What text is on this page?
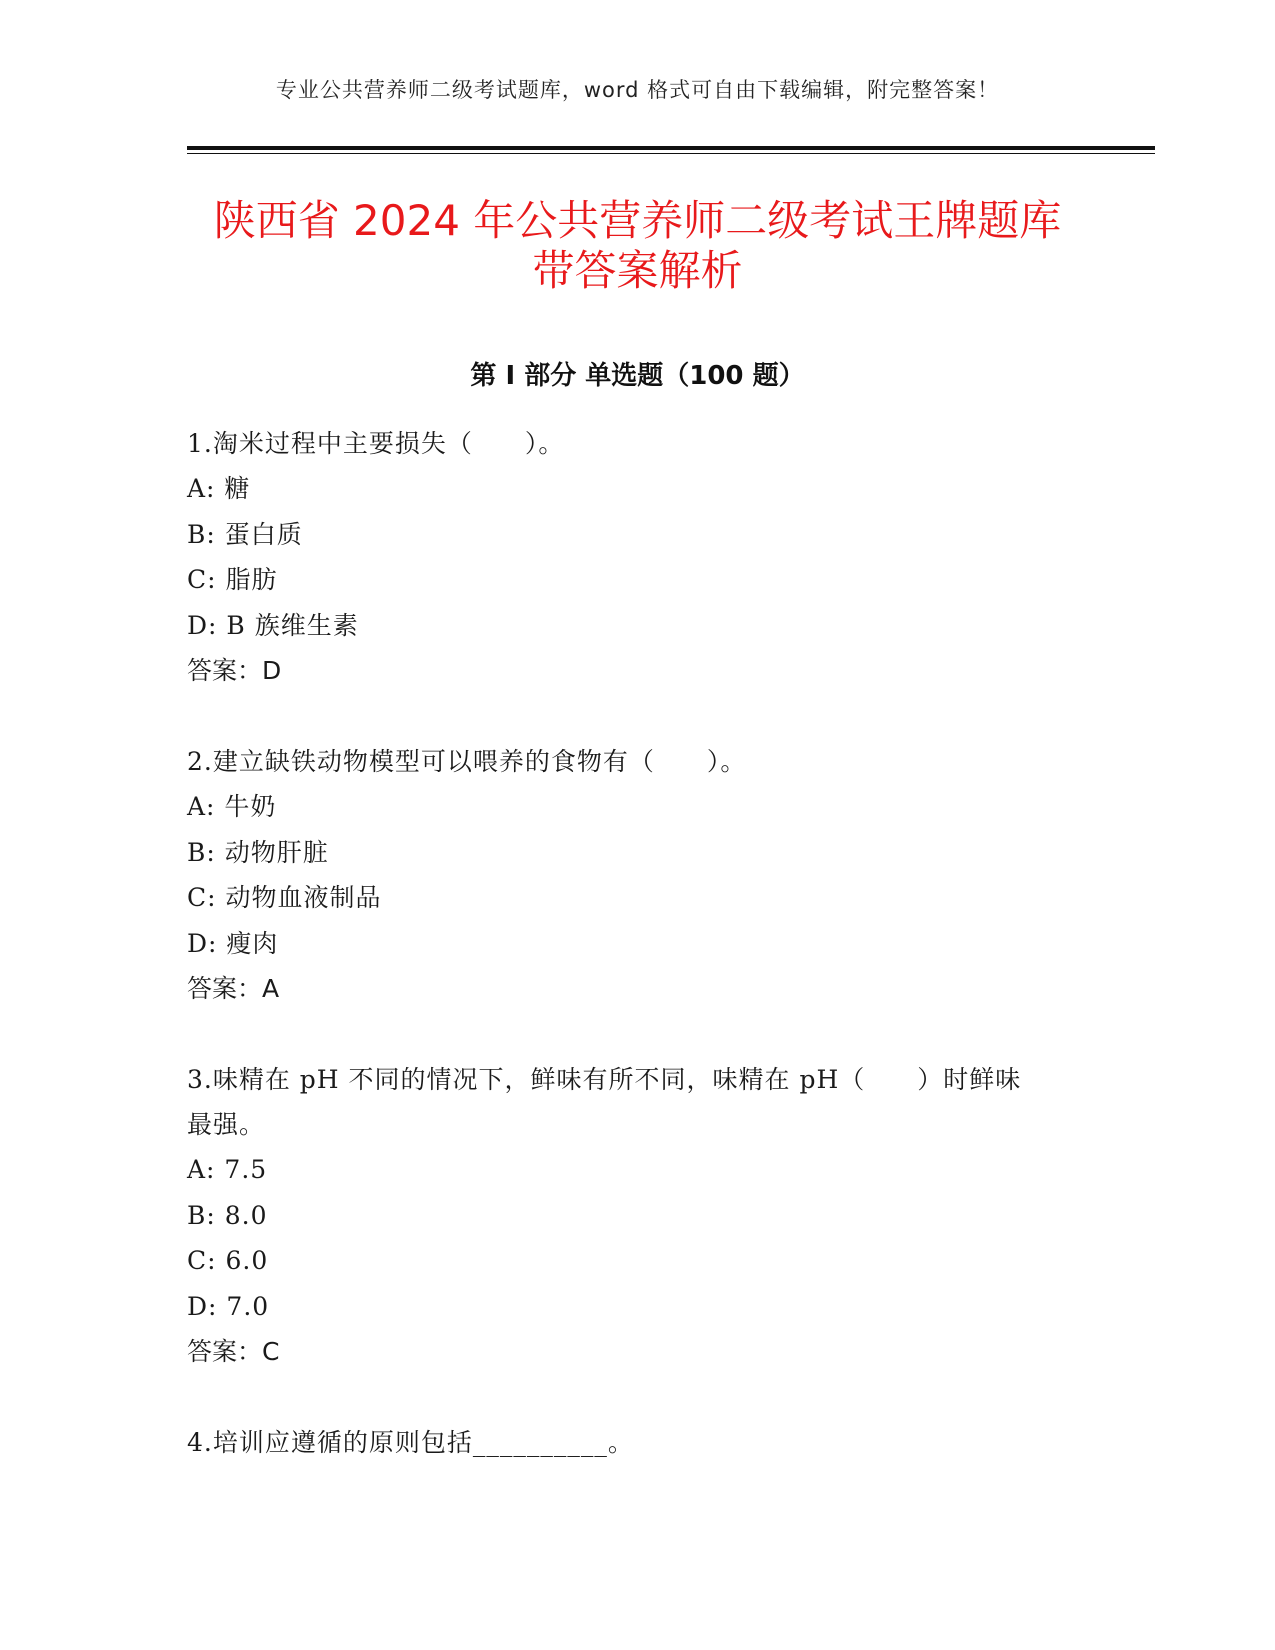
专业公共营养师二级考试题库，word 格式可自由下载编辑，附完整答案！
陕西省 2024 年公共营养师二级考试王牌题库
带答案解析
第 I 部分 单选题（100 题）

1.淘米过程中主要损失（　　）。

A: 糖

B: 蛋白质

C: 脂肪

D: B 族维生素

答案：D

2.建立缺铁动物模型可以喂养的食物有（　　）。

A: 牛奶

B: 动物肝脏

C: 动物血液制品

D: 瘦肉

答案：A

3.味精在 pH 不同的情况下，鲜味有所不同，味精在 pH（　　）时鲜味

最强。

A: 7.5

B: 8.0

C: 6.0

D: 7.0

答案：C

4.培训应遵循的原则包括__________。
